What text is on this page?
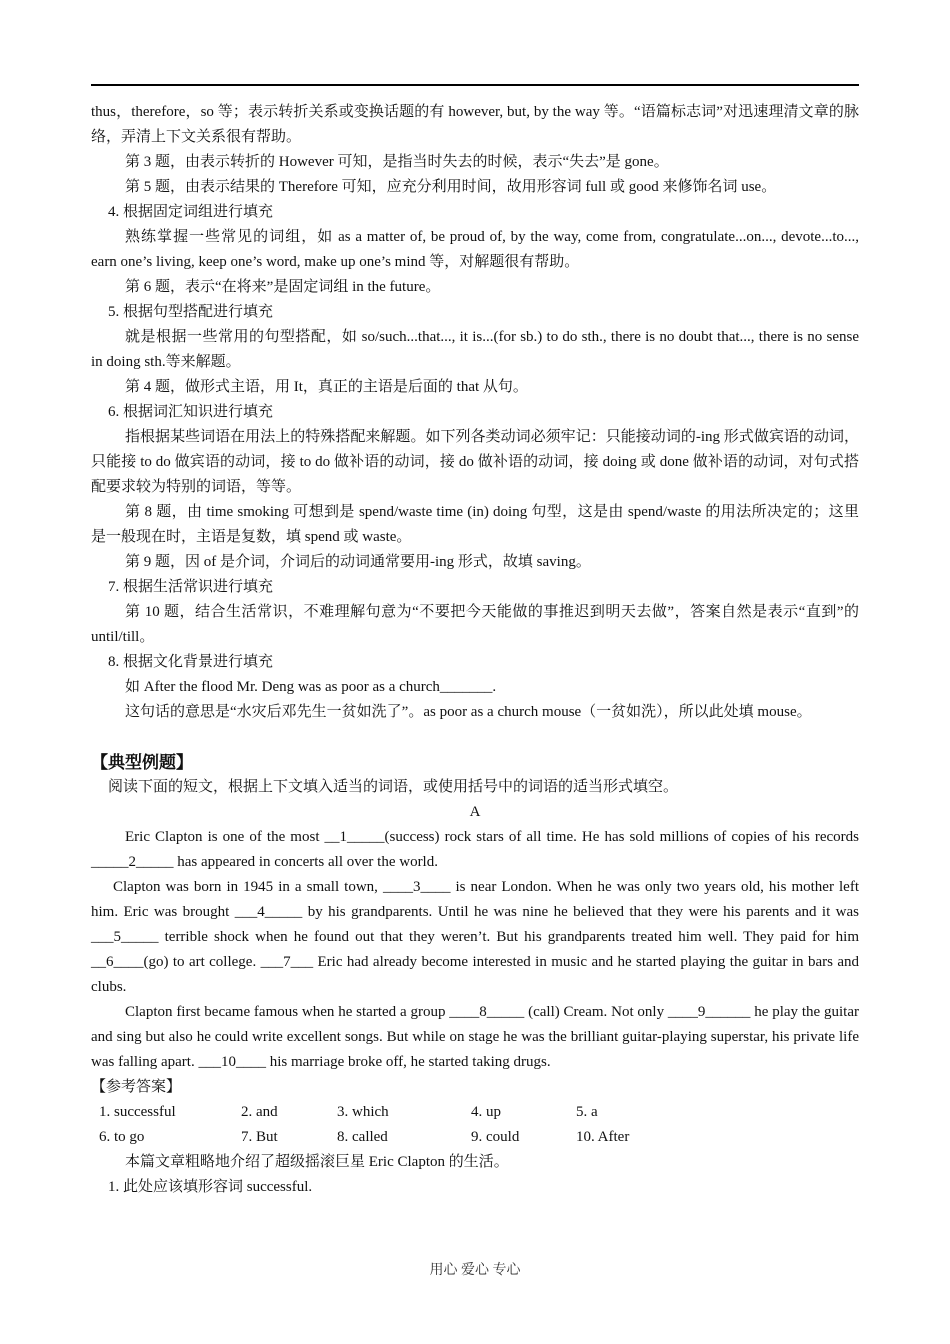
thus，therefore，so 等；表示转折关系或变换话题的有 however, but, by the way 等。“语篇标志词”对迅速理清文章的脉络，弄清上下文关系很有帮助。

第 3 题，由表示转折的 However 可知，是指当时失去的时候，表示“失去”是 gone。

第 5 题，由表示结果的 Therefore 可知，应充分利用时间，故用形容词 full 或 good 来修饰名词 use。

4. 根据固定词组进行填充

熟练掌握一些常见的词组，如 as a matter of, be proud of, by the way, come from, congratulate...on..., devote...to..., earn one’s living, keep one’s word, make up one’s mind 等，对解题很有帮助。

第 6 题，表示“在将来”是固定词组 in the future。

5. 根据句型搭配进行填充

就是根据一些常用的句型搭配，如 so/such...that..., it is...(for sb.) to do sth., there is no doubt that..., there is no sense in doing sth.等来解题。

第 4 题，做形式主语，用 It，真正的主语是后面的 that 从句。

6. 根据词汇知识进行填充

指根据某些词语在用法上的特殊搭配来解题。如下列各类动词必须牢记：只能接动词的-ing 形式做宾语的动词，只能接 to do 做宾语的动词，接 to do 做补语的动词，接 do 做补语的动词，接 doing 或 done 做补语的动词，对句式搭配要求较为特别的词语，等等。

第 8 题，由 time smoking 可想到是 spend/waste time (in) doing 句型，这是由 spend/waste 的用法所决定的；这里是一般现在时，主语是复数，填 spend 或 waste。

第 9 题，因 of 是介词，介词后的动词通常要用-ing 形式，故填 saving。

7. 根据生活常识进行填充

第 10 题，结合生活常识，不难理解句意为“不要把今天能做的事推迟到明天去做”，答案自然是表示“直到”的 until/till。

8. 根据文化背景进行填充

如 After the flood Mr. Deng was as poor as a church_______.

这句话的意思是“水灾后邓先生一贫如洗了”。as poor as a church mouse（一贫如洗），所以此处填 mouse。

【典型例题】

阅读下面的短文，根据上下文填入适当的词语，或使用括号中的词语的适当形式填空。

A

Eric Clapton is one of the most __1_____(success) rock stars of all time. He has sold millions of copies of his records _____2_____ has appeared in concerts all over the world.

Clapton was born in 1945 in a small town, ____3____ is near London. When he was only two years old, his mother left him. Eric was brought ___4_____ by his grandparents. Until he was nine he believed that they were his parents and it was ___5_____ terrible shock when he found out that they weren’t. But his grandparents treated him well. They paid for him __6____(go) to art college. ___7___ Eric had already become interested in music and he started playing the guitar in bars and clubs.

Clapton first became famous when he started a group ____8_____ (call) Cream. Not only ____9______ he play the guitar and sing but also he could write excellent songs. But while on stage he was the brilliant guitar-playing superstar, his private life was falling apart. ___10____ his marriage broke off, he started taking drugs.

【参考答案】

1. successful	2. and	3. which	4. up	5. a
6. to go	7. But	8. called	9. could	10. After

本篇文章粗略地介绍了超级摇滚巨星 Eric Clapton 的生活。

1. 此处应该填形容词 successful.

用心 爱心 专心
